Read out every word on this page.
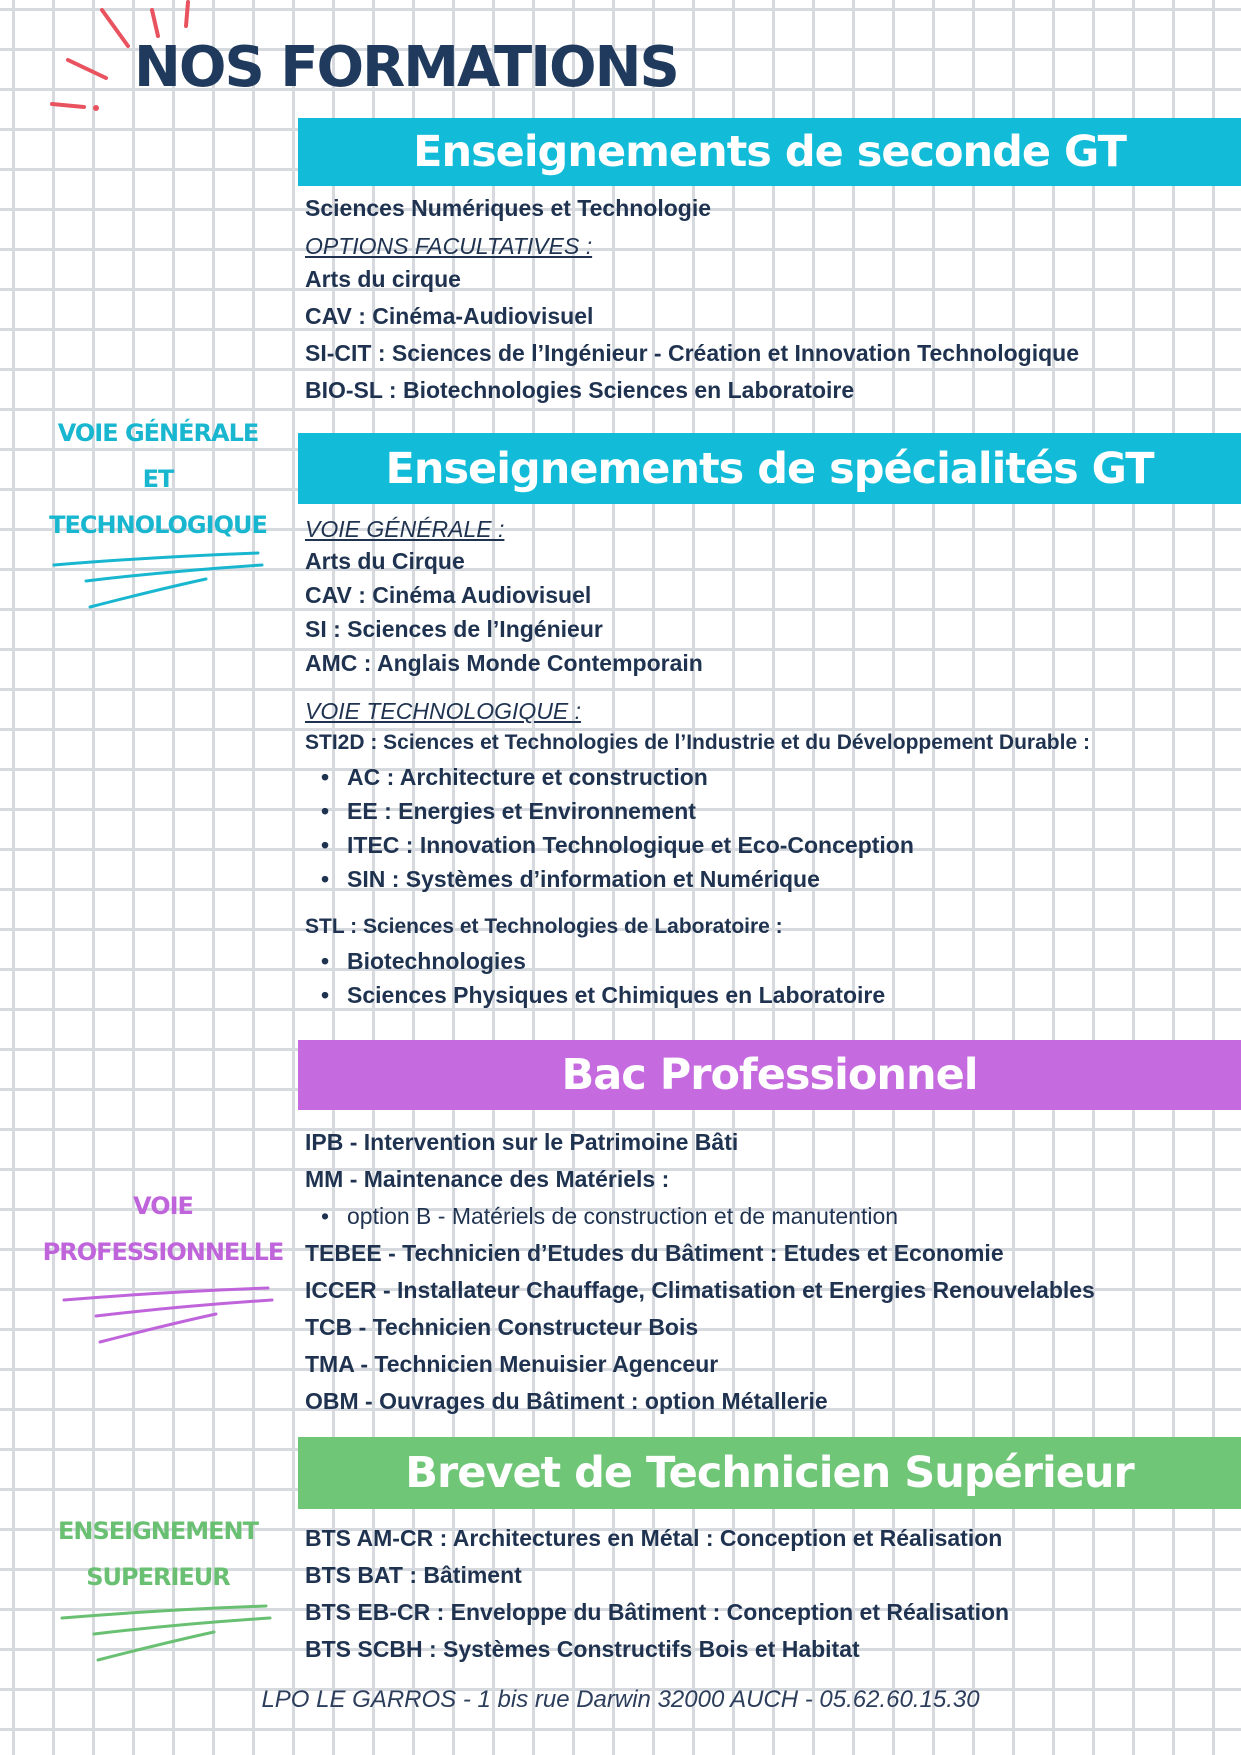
NOS FORMATIONS
Enseignements de seconde GT
Sciences Numériques et Technologie
OPTIONS FACULTATIVES :
Arts du cirque
CAV : Cinéma-Audiovisuel
SI-CIT : Sciences de l’Ingénieur - Création et Innovation Technologique
BIO-SL : Biotechnologies Sciences en Laboratoire
Enseignements de spécialités GT
VOIE GÉNÉRALE :
Arts du Cirque
CAV : Cinéma Audiovisuel
SI : Sciences de l’Ingénieur
AMC : Anglais Monde Contemporain
VOIE TECHNOLOGIQUE :
STI2D : Sciences et Technologies de l’Industrie et du Développement Durable :
• AC : Architecture et construction
• EE : Energies et Environnement
• ITEC : Innovation Technologique et Eco-Conception
• SIN : Systèmes d’information et Numérique
STL : Sciences et Technologies de Laboratoire :
• Biotechnologies
• Sciences Physiques et Chimiques en Laboratoire
Bac Professionnel
IPB - Intervention sur le Patrimoine Bâti
MM - Maintenance des Matériels :
• option B - Matériels de construction et de manutention
TEBEE - Technicien d’Etudes du Bâtiment : Etudes et Economie
ICCER - Installateur Chauffage, Climatisation et Energies Renouvelables
TCB - Technicien Constructeur Bois
TMA - Technicien Menuisier Agenceur
OBM - Ouvrages du Bâtiment : option Métallerie
Brevet de Technicien Supérieur
BTS AM-CR : Architectures en Métal : Conception et Réalisation
BTS BAT : Bâtiment
BTS EB-CR : Enveloppe du Bâtiment : Conception et Réalisation
BTS SCBH : Systèmes Constructifs Bois et Habitat
VOIE GÉNÉRALE
ET
TECHNOLOGIQUE
VOIE
PROFESSIONNELLE
ENSEIGNEMENT
SUPERIEUR
LPO LE GARROS - 1 bis rue Darwin 32000 AUCH - 05.62.60.15.30
